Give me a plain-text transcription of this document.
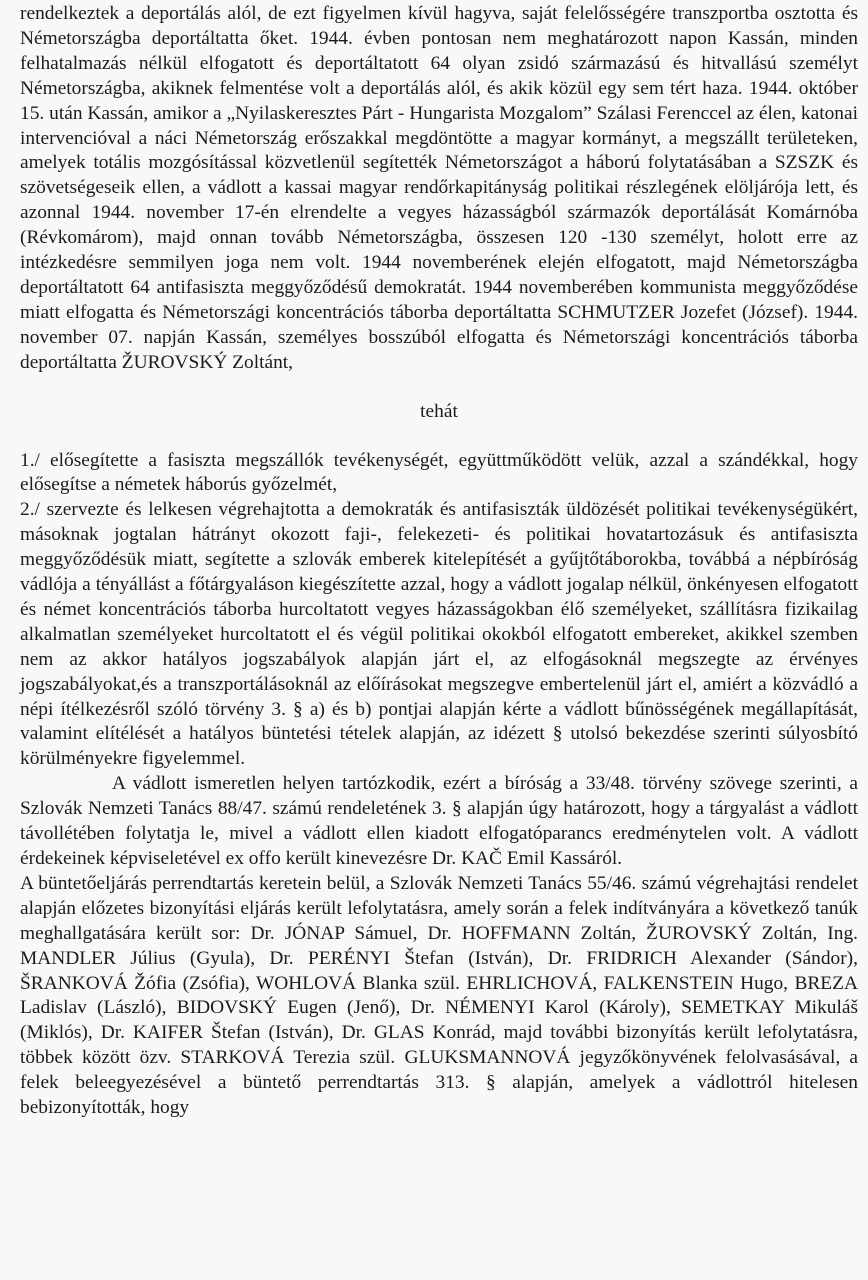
rendelkeztek a deportálás alól, de ezt figyelmen kívül hagyva, saját felelősségére transzportba osztotta és Németországba deportáltatta őket. 1944. évben pontosan nem meghatározott napon Kassán, minden felhatalmazás nélkül elfogatott és deportáltatott 64 olyan zsidó származású és hitvallású személyt Németországba, akiknek felmentése volt a deportálás alól, és akik közül egy sem tért haza. 1944. október 15. után Kassán, amikor a „Nyilaskeresztes Párt - Hungarista Mozgalom” Szálasi Ferenccel az élen, katonai intervencióval a náci Németország erőszakkal megdöntötte a magyar kormányt, a megszállt területeken, amelyek totális mozgósítással közvetlenül segítették Németországot a háború folytatásában a SZSZK és szövetségeseik ellen, a vádlott a kassai magyar rendőrkapitányság politikai részlegének elöljárója lett, és azonnal 1944. november 17-én elrendelte a vegyes házasságból származók deportálását Komárnóba (Révkomárom), majd onnan tovább Németországba, összesen 120 -130 személyt, holott erre az intézkedésre semmilyen joga nem volt. 1944 novemberének elején elfogatott, majd Németországba deportáltatott 64 antifasiszta meggyőződésű demokratát. 1944 novemberében kommunista meggyőződése miatt elfogatta és Németországi koncentrációs táborba deportáltatta SCHMUTZER Jozefet (József). 1944. november 07. napján Kassán, személyes bosszúból elfogatta és Németországi koncentrációs táborba deportáltatta ŽUROVSKÝ Zoltánt,

tehát

1./ elősegítette a fasiszta megszállók tevékenységét, együttműködött velük, azzal a szándékkal, hogy elősegítse a németek háborús győzelmét,

2./ szervezte és lelkesen végrehajtotta a demokraták és antifasiszták üldözését politikai tevékenységükért, másoknak jogtalan hátrányt okozott faji-, felekezeti- és politikai hovatartozásuk és antifasiszta meggyőződésük miatt, segítette a szlovák emberek kitelepítését a gyűjtőtáborokba, továbbá a népbíróság vádlója a tényállást a főtárgyaláson kiegészítette azzal, hogy a vádlott jogalap nélkül, önkényesen elfogatott és német koncentrációs táborba hurcoltatott vegyes házasságokban élő személyeket, szállításra fizikailag alkalmatlan személyeket hurcoltatott el és végül politikai okokból elfogatott embereket, akikkel szemben nem az akkor hatályos jogszabályok alapján járt el, az elfogásoknál megszegte az érvényes jogszabályokat,és a transzportálásoknál az előírásokat megszegve embertelenül járt el, amiért a közvádló a népi ítélkezésről szóló törvény 3. § a) és b) pontjai alapján kérte a vádlott bűnösségének megállapítását, valamint elítélését a hatályos büntetési tételek alapján, az idézett § utolsó bekezdése szerinti súlyosbító körülményekre figyelemmel.

A vádlott ismeretlen helyen tartózkodik, ezért a bíróság a 33/48. törvény szövege szerinti, a Szlovák Nemzeti Tanács 88/47. számú rendeletének 3. § alapján úgy határozott, hogy a tárgyalást a vádlott távollétében folytatja le, mivel a vádlott ellen kiadott elfogatóparancs eredménytelen volt. A vádlott érdekeinek képviseletével ex offo került kinevezésre Dr. KAČ Emil Kassáról.

A büntetőeljárás perrendtartás keretein belül, a Szlovák Nemzeti Tanács 55/46. számú végrehajtási rendelet alapján előzetes bizonyítási eljárás került lefolytatásra, amely során a felek indítványára a következő tanúk meghallgatására került sor: Dr. JÓNAP Sámuel, Dr. HOFFMANN Zoltán, ŽUROVSKÝ Zoltán, Ing. MANDLER Július (Gyula), Dr. PERÉNYI Štefan (István), Dr. FRIDRICH Alexander (Sándor), ŠRANKOVÁ Žófia (Zsófia), WOHLOVÁ Blanka szül. EHRLICHOVÁ, FALKENSTEIN Hugo, BREZA Ladislav (László), BIDOVSKÝ Eugen (Jenő), Dr. NÉMENYI Karol (Károly), SEMETKAY Mikuláš (Miklós), Dr. KAIFER Štefan (István), Dr. GLAS Konrád, majd további bizonyítás került lefolytatásra, többek között özv. STARKOVÁ Terezia szül. GLUKSMANNOVÁ jegyzőkönyvének felolvasásával, a felek beleegyezésével a büntető perrendtartás 313. § alapján, amelyek a vádlottról hitelesen bebizonyították, hogy
